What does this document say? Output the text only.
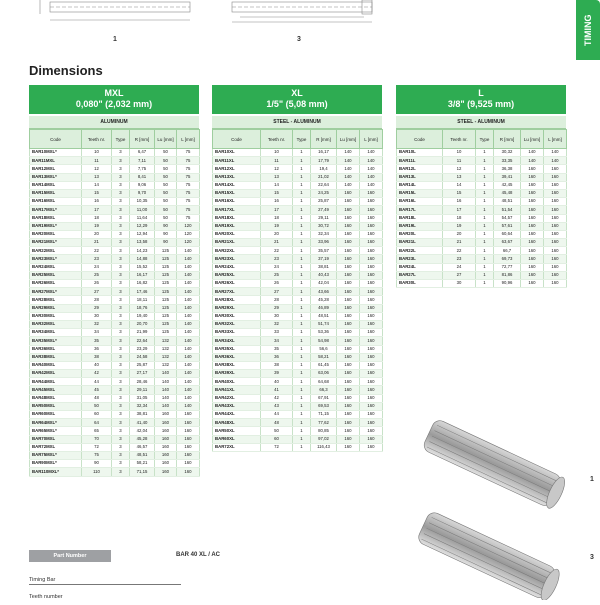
1	3	TIMING
Dimensions
MXL
0,080" (2,032 mm)
ALUMINUM
Code	Teeth nr.	Type	R [mm]	Lu [mm]	L [mm]
BAR10MXL*	10	3	6,47	50	75
BAR11MXL	11	3	7,11	50	75
BAR12MXL	12	3	7,75	50	75
BAR13MXL*	13	3	8,41	50	75
BAR14MXL	14	3	9,06	50	75
BAR15MXL	15	3	9,70	50	75
BAR16MXL	16	3	10,35	50	75
BAR17MXL*	17	3	11,00	50	75
BAR18MXL	18	3	11,64	50	75
BAR19MXL*	19	3	12,29	90	120
BAR20MXL	20	3	12,94	90	120
BAR21MXL*	21	3	13,58	90	120
BAR22MXL	22	3	14,23	125	140
BAR23MXL*	23	3	14,88	125	140
BAR24MXL	24	3	15,52	125	140
BAR25MXL	25	3	16,17	125	140
BAR26MXL	26	3	16,82	125	140
BAR27MXL*	27	3	17,46	125	140
BAR28MXL	28	3	18,11	125	140
BAR29MXL	29	3	18,76	125	140
BAR30MXL	30	3	19,40	125	140
BAR32MXL	32	3	20,70	125	140
BAR34MXL	34	3	21,99	125	140
BAR35MXL*	35	3	22,64	132	140
BAR36MXL	36	3	23,29	132	140
BAR38MXL	38	3	24,58	132	140
BAR40MXL	40	3	25,87	132	140
BAR42MXL	42	3	27,17	140	140
BAR44MXL	44	3	28,46	140	140
BAR45MXL	45	3	29,11	140	140
BAR48MXL	48	3	31,05	140	140
BAR50MXL	50	3	32,34	140	140
BAR60MXL	60	3	38,81	160	160
BAR64MXL*	64	3	41,40	160	160
BAR65MXL*	65	3	42,04	160	160
BAR70MXL	70	3	45,28	160	160
BAR72MXL	72	3	46,57	160	160
BAR75MXL*	75	3	48,51	160	160
BAR90MXL*	90	3	58,21	160	160
BAR110MXL*	110	3	71,15	160	160
XL
1/5" (5,08 mm)
STEEL - ALUMINUM
Code	Teeth nr.	Type	R [mm]	Lu [mm]	L [mm]
BAR10XL	10	1	16,17	140	140
BAR11XL	11	1	17,79	140	140
BAR12XL	12	1	19,4	140	140
BAR13XL	13	1	21,02	140	140
BAR14XL	14	1	22,64	140	140
BAR15XL	15	1	24,25	160	160
BAR16XL	16	1	25,87	160	160
BAR17XL	17	1	27,49	160	160
BAR18XL	18	1	29,11	160	160
BAR19XL	19	1	30,72	160	160
BAR20XL	20	1	32,34	160	160
BAR21XL	21	1	33,96	160	160
BAR22XL	22	1	35,57	160	160
BAR23XL	23	1	37,19	160	160
BAR24XL	24	1	38,81	160	160
BAR25XL	25	1	40,43	160	160
BAR26XL	26	1	42,04	160	160
BAR27XL	27	1	43,66	160	160
BAR28XL	28	1	45,28	160	160
BAR29XL	29	1	46,89	160	160
BAR30XL	30	1	48,51	160	160
BAR32XL	32	1	51,74	160	160
BAR33XL	33	1	53,36	160	160
BAR34XL	34	1	54,98	160	160
BAR35XL	35	1	56,6	160	160
BAR36XL	36	1	58,21	160	160
BAR38XL	38	1	61,45	160	160
BAR39XL	39	1	63,06	160	160
BAR40XL	40	1	64,68	160	160
BAR41XL	41	1	66,3	160	160
BAR42XL	42	1	67,91	160	160
BAR43XL	43	1	69,53	160	160
BAR44XL	44	1	71,15	160	160
BAR48XL	48	1	77,62	160	160
BAR50XL	50	1	80,85	160	160
BAR60XL	60	1	97,02	160	160
BAR72XL	72	1	116,43	160	160
L
3/8" (9,525 mm)
STEEL - ALUMINUM
Code	Teeth nr.	Type	R [mm]	Lu [mm]	L [mm]
BAR10L	10	1	30,32	140	140
BAR11L	11	1	33,35	140	140
BAR12L	12	1	36,38	160	160
BAR13L	13	1	39,41	160	160
BAR14L	14	1	42,45	160	160
BAR15L	15	1	45,48	160	160
BAR16L	16	1	48,51	160	160
BAR17L	17	1	51,54	160	160
BAR18L	18	1	54,57	160	160
BAR19L	19	1	57,61	160	160
BAR20L	20	1	60,64	160	160
BAR21L	21	1	63,67	160	160
BAR22L	22	1	66,7	160	160
BAR23L	23	1	69,73	160	160
BAR24L	24	1	72,77	160	160
BAR27L	27	1	81,86	160	160
BAR30L	30	1	90,96	160	160
1
3
Part Number	BAR 40 XL / AC
Timing Bar
Teeth number
